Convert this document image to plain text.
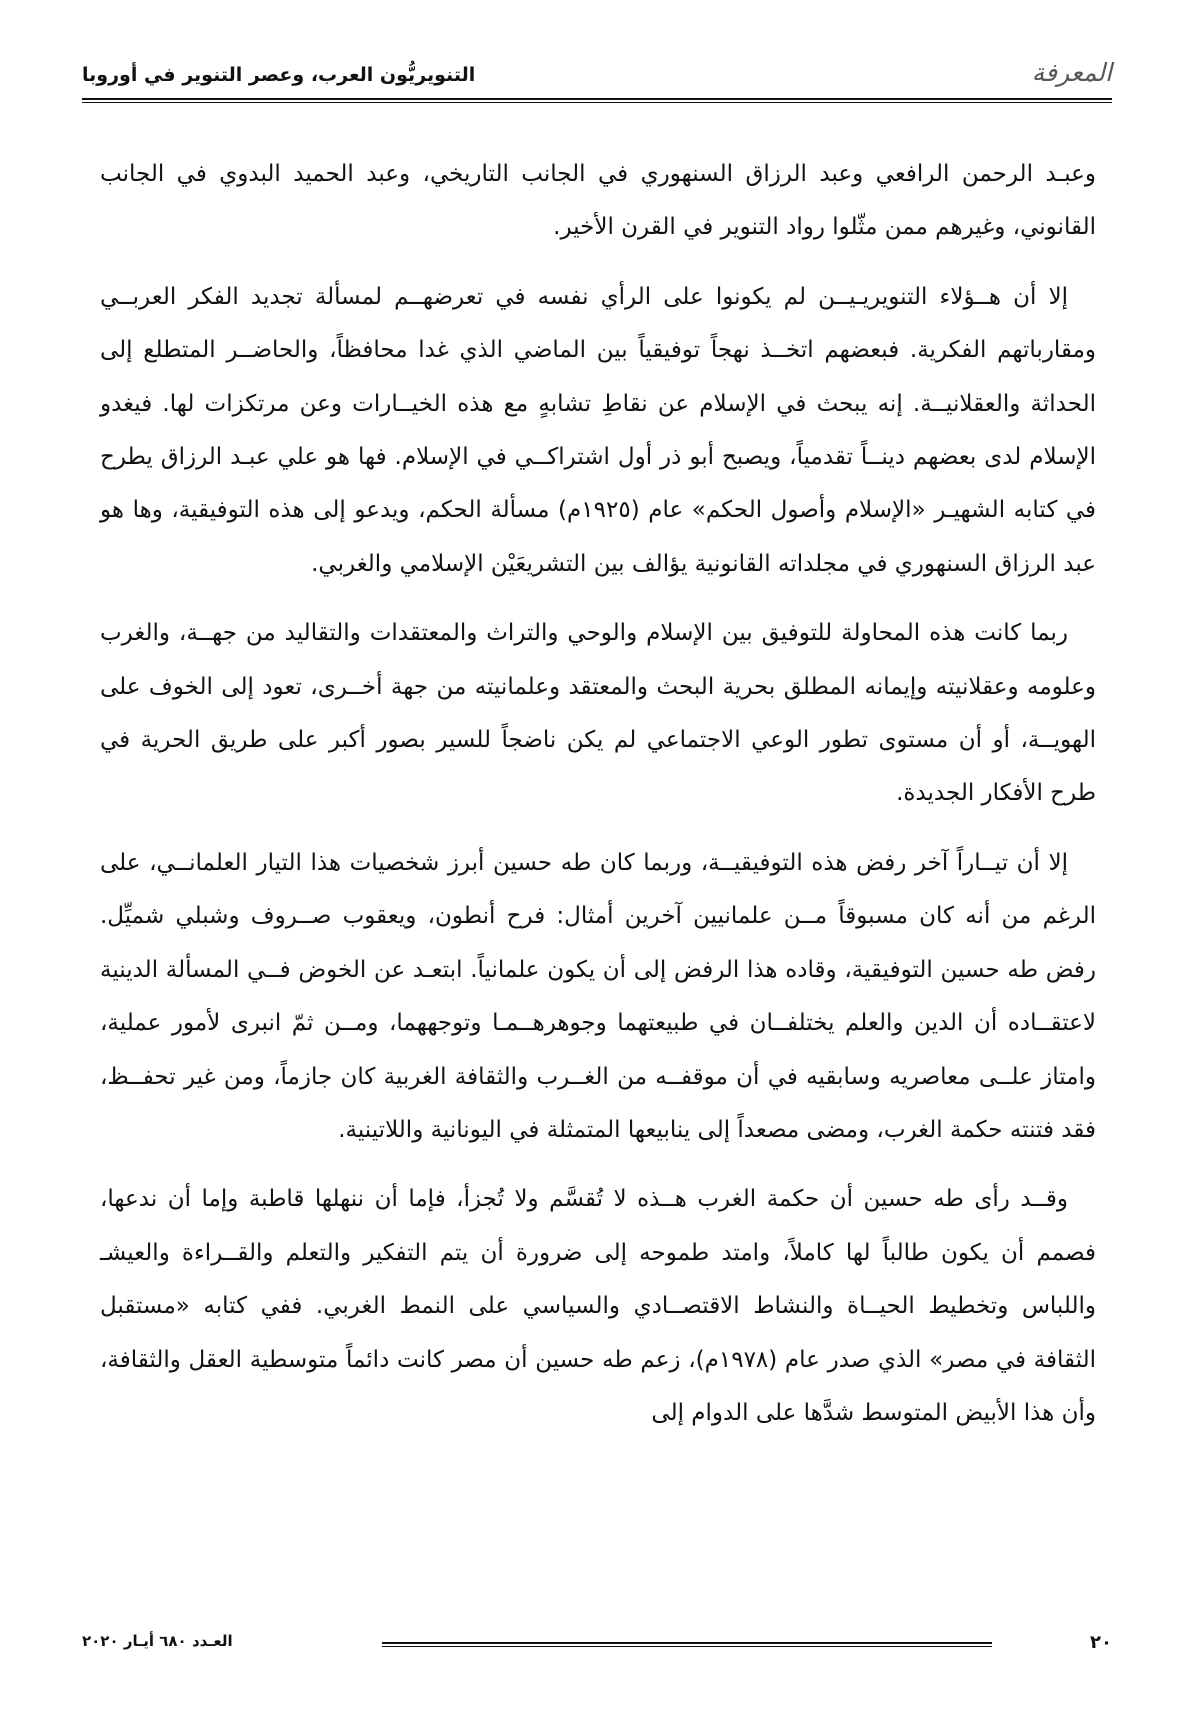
المعرفة
التنويريُّون العرب، وعصر التنوير في أوروبا

وعبـد الرحمن الرافعي وعبد الرزاق السنهوري في الجانب التاريخي، وعبد الحميد البدوي في الجانب القانوني، وغيرهم ممن مثّلوا رواد التنوير في القرن الأخير.

إلا أن هــؤلاء التنويريـيــن لم يكونوا على الرأي نفسه في تعرضهــم لمسألة تجديد الفكر العربــي ومقارباتهم الفكرية. فبعضهم اتخــذ نهجاً توفيقياً بين الماضي الذي غدا محافظاً، والحاضــر المتطلع إلى الحداثة والعقلانيــة. إنه يبحث في الإسلام عن نقاطِ تشابهٍ مع هذه الخيــارات وعن مرتكزات لها. فيغدو الإسلام لدى بعضهم دينــاً تقدمياً، ويصبح أبو ذر أول اشتراكــي في الإسلام. فها هو علي عبـد الرزاق يطرح في كتابه الشهيـر «الإسلام وأصول الحكم» عام (١٩٢٥م) مسألة الحكم، ويدعو إلى هذه التوفيقية، وها هو عبد الرزاق السنهوري في مجلداته القانونية يؤالف بين التشريعَيْن الإسلامي والغربي.

ربما كانت هذه المحاولة للتوفيق بين الإسلام والوحي والتراث والمعتقدات والتقاليد من جهــة، والغرب وعلومه وعقلانيته وإيمانه المطلق بحرية البحث والمعتقد وعلمانيته من جهة أخــرى، تعود إلى الخوف على الهويــة، أو أن مستوى تطور الوعي الاجتماعي لم يكن ناضجاً للسير بصور أكبر على طريق الحرية في طرح الأفكار الجديدة.

إلا أن تيــاراً آخر رفض هذه التوفيقيــة، وربما كان طه حسين أبرز شخصيات هذا التيار العلمانــي، على الرغم من أنه كان مسبوقاً مــن علمانيين آخرين أمثال: فرح أنطون، ويعقوب صــروف وشبلي شميِّل. رفض طه حسين التوفيقية، وقاده هذا الرفض إلى أن يكون علمانياً. ابتعـد عن الخوض فــي المسألة الدينية لاعتقــاده أن الدين والعلم يختلفــان في طبيعتهما وجوهرهــمـا وتوجههما، ومــن ثمّ انبرى لأمور عملية، وامتاز علــى معاصريه وسابقيه في أن موقفــه من الغــرب والثقافة الغربية كان جازماً، ومن غير تحفــظ، فقد فتنته حكمة الغرب، ومضى مصعداً إلى ينابيعها المتمثلة في اليونانية واللاتينية.

وقــد رأى طه حسين أن حكمة الغرب هــذه لا تُقسَّم ولا تُجزأ، فإما أن ننهلها قاطبة وإما أن ندعها، فصمم أن يكون طالباً لها كاملاً، وامتد طموحه إلى ضرورة أن يتم التفكير والتعلم والقــراءة والعيشـ واللباس وتخطيط الحيــاة والنشاط الاقتصــادي والسياسي على النمط الغربي. ففي كتابه «مستقبل الثقافة في مصر» الذي صدر عام (١٩٧٨م)، زعم طه حسين أن مصر كانت دائماً متوسطية العقل والثقافة، وأن هذا الأبيض المتوسط شدَّها على الدوام إلى

٢٠
العـدد ٦٨٠ أيـار ٢٠٢٠
